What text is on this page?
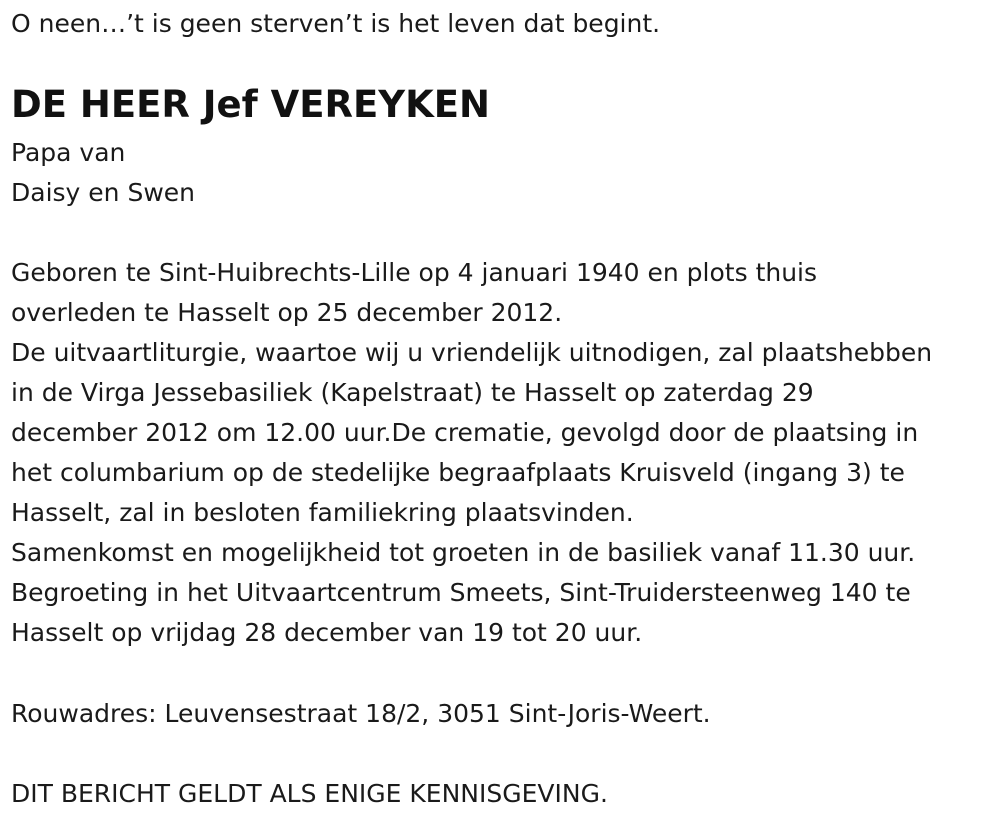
O neen…’t is geen sterven’t is het leven dat begint.
DE HEER Jef VEREYKEN
Papa van
Daisy en Swen
Geboren te Sint-Huibrechts-Lille op 4 januari 1940 en plots thuis
overleden te Hasselt op 25 december 2012.
De uitvaartliturgie, waartoe wij u vriendelijk uitnodigen, zal plaatshebben
in de Virga Jessebasiliek (Kapelstraat) te Hasselt op zaterdag 29
december 2012 om 12.00 uur.De crematie, gevolgd door de plaatsing in
het columbarium op de stedelijke begraafplaats Kruisveld (ingang 3) te
Hasselt, zal in besloten familiekring plaatsvinden.
Samenkomst en mogelijkheid tot groeten in de basiliek vanaf 11.30 uur.
Begroeting in het Uitvaartcentrum Smeets, Sint-Truidersteenweg 140 te
Hasselt op vrijdag 28 december van 19 tot 20 uur.
Rouwadres: Leuvensestraat 18/2, 3051 Sint-Joris-Weert.
DIT BERICHT GELDT ALS ENIGE KENNISGEVING.
